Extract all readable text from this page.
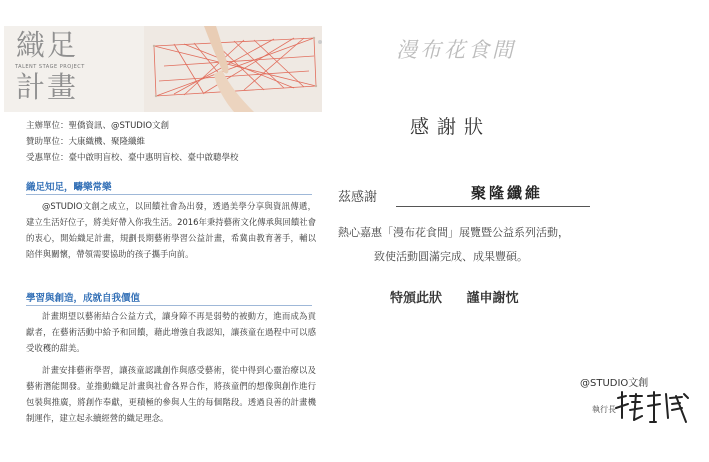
織足
TALENT STAGE PROJECT
計畫
主辦單位：聖僑資訊、@STUDIO文創
贊助單位：大康織機、聚隆纖維
受惠單位：臺中啟明盲校、臺中惠明盲校、臺中啟聰學校
織足知足，疇樂常樂
@STUDIO文創之成立，以回饋社會為出發，透過美學分享與資訊傳遞，建立生活好位子，將美好帶入你我生活。2016年秉持藝術文化傳承與回饋社會的衷心，開始織足計畫，規劃長期藝術學習公益計畫，希冀由教育著手，輔以陪伴與關懷，帶領需要協助的孩子攜手向前。
學習與創造，成就自我價值
計畫期望以藝術結合公益方式，讓身障不再是弱勢的被動方，進而成為貢獻者，在藝術活動中給予和回饋，藉此增強自我認知，讓孩童在過程中可以感受收穫的甜美。
計畫安排藝術學習，讓孩童認識創作與感受藝術，從中得到心靈治療以及藝術潛能開發。並推動織足計畫與社會各界合作，將孩童們的想像與創作進行包裝與推廣，將創作奉獻，更積極的參與人生的每個階段。透過良善的計畫機制運作，建立起永續經營的織足理念。
漫布花食間
感謝狀
茲感謝	聚隆纖維
熱心嘉惠「漫布花食間」展覽暨公益系列活動，
致使活動圓滿完成、成果豐碩。
特頒此狀 謹申謝忱
@STUDIO文創
執行長
